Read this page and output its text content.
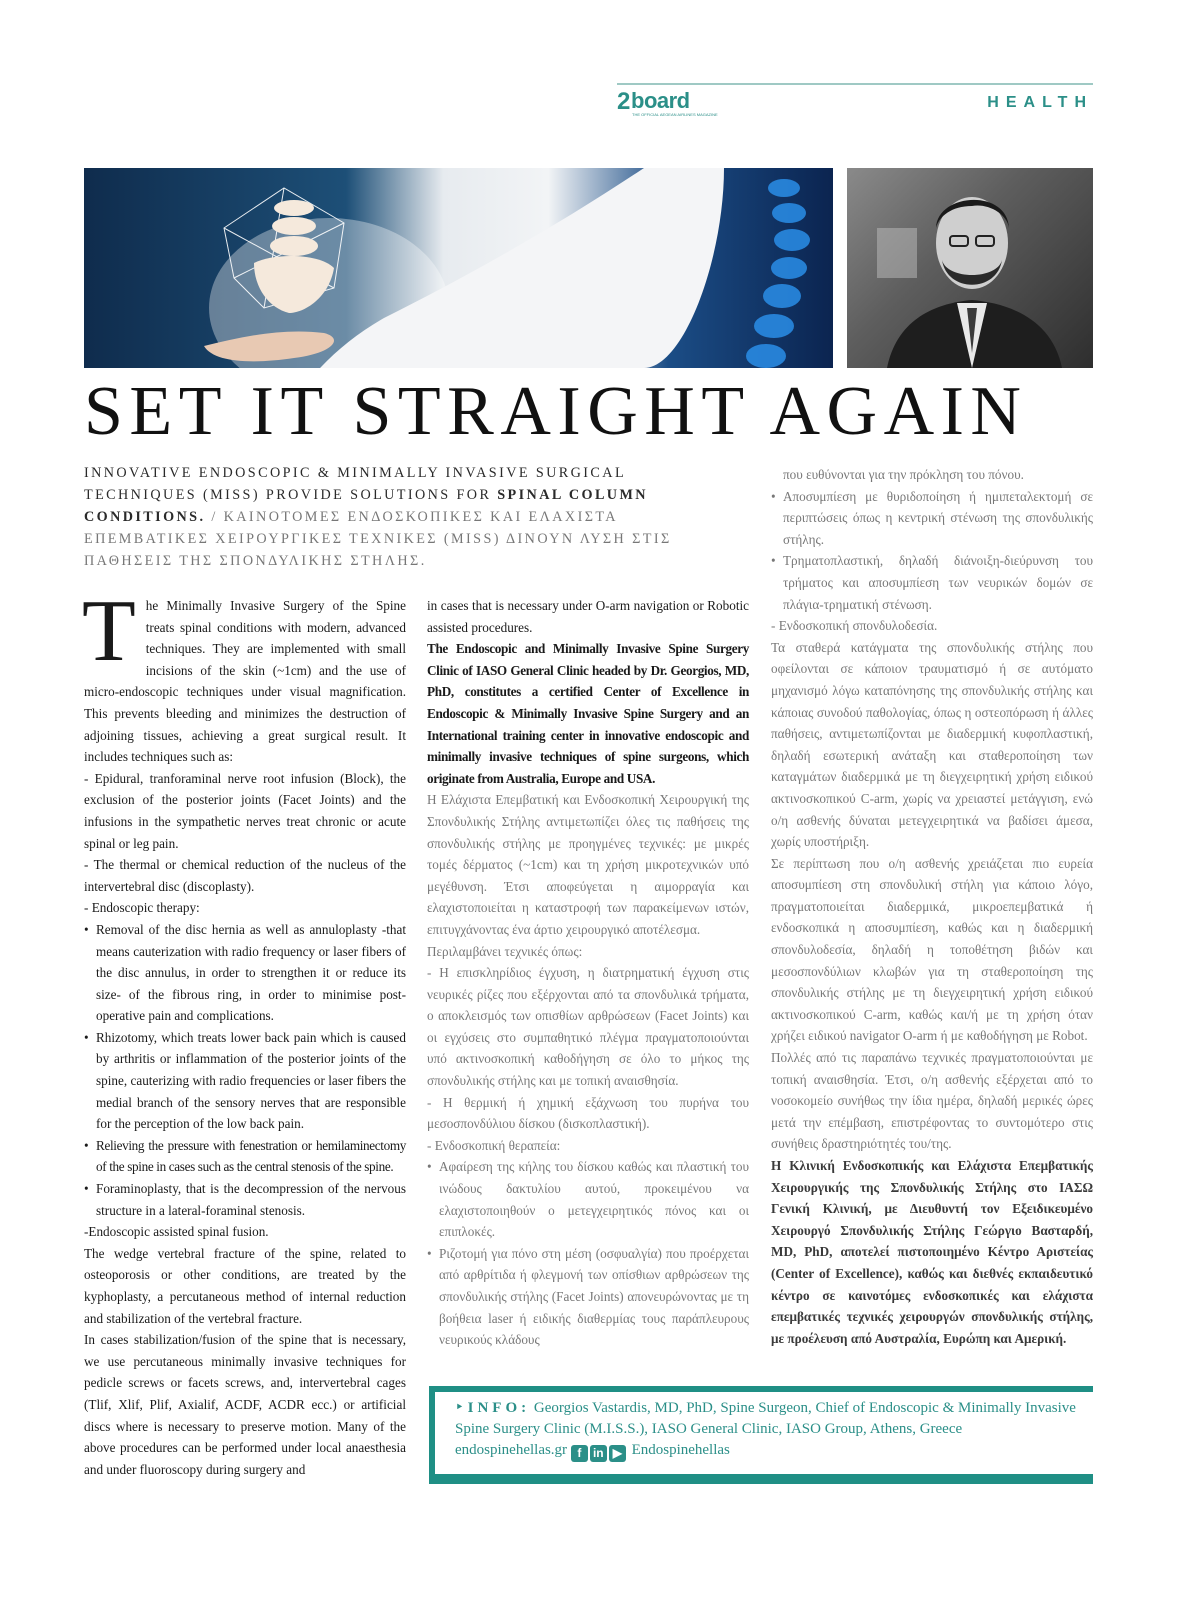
2 board
THE OFFICIAL AEGEAN AIRLINES MAGAZINE
HEALTH
SET IT STRAIGHT AGAIN
INNOVATIVE ENDOSCOPIC & MINIMALLY INVASIVE SURGICAL TECHNIQUES (MISS) PROVIDE SOLUTIONS FOR SPINAL COLUMN CONDITIONS. / ΚΑΙΝΟΤΟΜΕΣ ΕΝΔΟΣΚΟΠΙΚΕΣ ΚΑΙ ΕΛΑΧΙΣΤΑ ΕΠΕΜΒΑΤΙΚΕΣ ΧΕΙΡΟΥΡΓΙΚΕΣ ΤΕΧΝΙΚΕΣ (MISS) ΔΙΝΟΥΝ ΛΥΣΗ ΣΤΙΣ ΠΑΘΗΣΕΙΣ ΤΗΣ ΣΠΟΝΔΥΛΙΚΗΣ ΣΤΗΛΗΣ.

The Minimally Invasive Surgery of the Spine treats spinal conditions with modern, advanced techniques. They are implemented with small incisions of the skin (~1cm) and the use of micro-endoscopic techniques under visual magnification. This prevents bleeding and minimizes the destruction of adjoining tissues, achieving a great surgical result. It includes techniques such as:

- Epidural, tranforaminal nerve root infusion (Block), the exclusion of the posterior joints (Facet Joints) and the infusions in the sympathetic nerves treat chronic or acute spinal or leg pain.

- The thermal or chemical reduction of the nucleus of the intervertebral disc (discoplasty).

- Endoscopic therapy:

• Removal of the disc hernia as well as annuloplasty -that means cauterization with radio frequency or laser fibers of the disc annulus, in order to strengthen it or reduce its size- of the fibrous ring, in order to minimise post-operative pain and complications.

• Rhizotomy, which treats lower back pain which is caused by arthritis or inflammation of the posterior joints of the spine, cauterizing with radio frequencies or laser fibers the medial branch of the sensory nerves that are responsible for the perception of the low back pain.

• Relieving the pressure with fenestration or hemilaminectomy of the spine in cases such as the central stenosis of the spine.

• Foraminoplasty, that is the decompression of the nervous structure in a lateral-foraminal stenosis.

-Endoscopic assisted spinal fusion.

The wedge vertebral fracture of the spine, related to osteoporosis or other conditions, are treated by the kyphoplasty, a percutaneous method of internal reduction and stabilization of the vertebral fracture.

In cases stabilization/fusion of the spine that is necessary, we use percutaneous minimally invasive techniques for pedicle screws or facets screws, and, intervertebral cages (Tlif, Xlif, Plif, Axialif, ACDF, ACDR ecc.) or artificial discs where is necessary to preserve motion. Many of the above procedures can be performed under local anaesthesia and under fluoroscopy during surgery and

in cases that is necessary under O-arm navigation or Robotic assisted procedures.

The Endoscopic and Minimally Invasive Spine Surgery Clinic of IASO General Clinic headed by Dr. Georgios, MD, PhD, constitutes a certified Center of Excellence in Endoscopic & Minimally Invasive Spine Surgery and an International training center in innovative endoscopic and minimally invasive techniques of spine surgeons, which originate from Australia, Europe and USA.

Η Ελάχιστα Επεμβατική και Ενδοσκοπική Χειρουργική της Σπονδυλικής Στήλης αντιμετωπίζει όλες τις παθήσεις της σπονδυλικής στήλης με προηγμένες τεχνικές: με μικρές τομές δέρματος (~1cm) και τη χρήση μικροτεχνικών υπό μεγέθυνση. Έτσι αποφεύγεται η αιμορραγία και ελαχιστοποιείται η καταστροφή των παρακείμενων ιστών, επιτυγχάνοντας ένα άρτιο χειρουργικό αποτέλεσμα.

Περιλαμβάνει τεχνικές όπως:

- Η επισκληρίδιος έγχυση, η διατρηματική έγχυση στις νευρικές ρίζες που εξέρχονται από τα σπονδυλικά τρήματα, ο αποκλεισμός των οπισθίων αρθρώσεων (Facet Joints) και οι εγχύσεις στο συμπαθητικό πλέγμα πραγματοποιούνται υπό ακτινοσκοπική καθοδήγηση σε όλο το μήκος της σπονδυλικής στήλης και με τοπική αναισθησία.

- Η θερμική ή χημική εξάχνωση του πυρήνα του μεσοσπονδύλιου δίσκου (δισκοπλαστική).

- Ενδοσκοπική θεραπεία:

• Αφαίρεση της κήλης του δίσκου καθώς και πλαστική του ινώδους δακτυλίου αυτού, προκειμένου να ελαχιστοποιηθούν ο μετεγχειρητικός πόνος και οι επιπλοκές.

• Ριζοτομή για πόνο στη μέση (οσφυαλγία) που προέρχεται από αρθρίτιδα ή φλεγμονή των οπίσθιων αρθρώσεων της σπονδυλικής στήλης (Facet Joints) απονευρώνοντας με τη βοήθεια laser ή ειδικής διαθερμίας τους παράπλευρους νευρικούς κλάδους

που ευθύνονται για την πρόκληση του πόνου.

• Αποσυμπίεση με θυριδοποίηση ή ημιπεταλεκτομή σε περιπτώσεις όπως η κεντρική στένωση της σπονδυλικής στήλης.

• Τρηματοπλαστική, δηλαδή διάνοιξη-διεύρυνση του τρήματος και αποσυμπίεση των νευρικών δομών σε πλάγια-τρηματική στένωση.

- Ενδοσκοπική σπονδυλοδεσία.

Τα σταθερά κατάγματα της σπονδυλικής στήλης που οφείλονται σε κάποιον τραυματισμό ή σε αυτόματο μηχανισμό λόγω καταπόνησης της σπονδυλικής στήλης και κάποιας συνοδού παθολογίας, όπως η οστεοπόρωση ή άλλες παθήσεις, αντιμετωπίζονται με διαδερμική κυφοπλαστική, δηλαδή εσωτερική ανάταξη και σταθεροποίηση των καταγμάτων διαδερμικά με τη διεγχειρητική χρήση ειδικού ακτινοσκοπικού C-arm, χωρίς να χρειαστεί μετάγγιση, ενώ ο/η ασθενής δύναται μετεγχειρητικά να βαδίσει άμεσα, χωρίς υποστήριξη.

Σε περίπτωση που ο/η ασθενής χρειάζεται πιο ευρεία αποσυμπίεση στη σπονδυλική στήλη για κάποιο λόγο, πραγματοποιείται διαδερμικά, μικροεπεμβατικά ή ενδοσκοπικά η αποσυμπίεση, καθώς και η διαδερμική σπονδυλοδεσία, δηλαδή η τοποθέτηση βιδών και μεσοσπονδύλιων κλωβών για τη σταθεροποίηση της σπονδυλικής στήλης με τη διεγχειρητική χρήση ειδικού ακτινοσκοπικού C-arm, καθώς και/ή με τη χρήση όταν χρήζει ειδικού navigator O-arm ή με καθοδήγηση με Robot.

Πολλές από τις παραπάνω τεχνικές πραγματοποιούνται με τοπική αναισθησία. Έτσι, ο/η ασθενής εξέρχεται από το νοσοκομείο συνήθως την ίδια ημέρα, δηλαδή μερικές ώρες μετά την επέμβαση, επιστρέφοντας το συντομότερο στις συνήθεις δραστηριότητές του/της.

Η Κλινική Ενδοσκοπικής και Ελάχιστα Επεμβατικής Χειρουργικής της Σπονδυλικής Στήλης στο ΙΑΣΩ Γενική Κλινική, με Διευθυντή τον Εξειδικευμένο Χειρουργό Σπονδυλικής Στήλης Γεώργιο Βασταρδή, MD, PhD, αποτελεί πιστοποιημένο Κέντρο Αριστείας (Center of Excellence), καθώς και διεθνές εκπαιδευτικό κέντρο σε καινοτόμες ενδοσκοπικές και ελάχιστα επεμβατικές τεχνικές χειρουργών σπονδυλικής στήλης, με προέλευση από Αυστραλία, Ευρώπη και Αμερική.

‣ INFO: Georgios Vastardis, MD, PhD, Spine Surgeon, Chief of Endoscopic & Minimally Invasive Spine Surgery Clinic (M.I.S.S.), IASO General Clinic, IASO Group, Athens, Greece
endospinehellas.gr f in ▶ Endospinehellas
